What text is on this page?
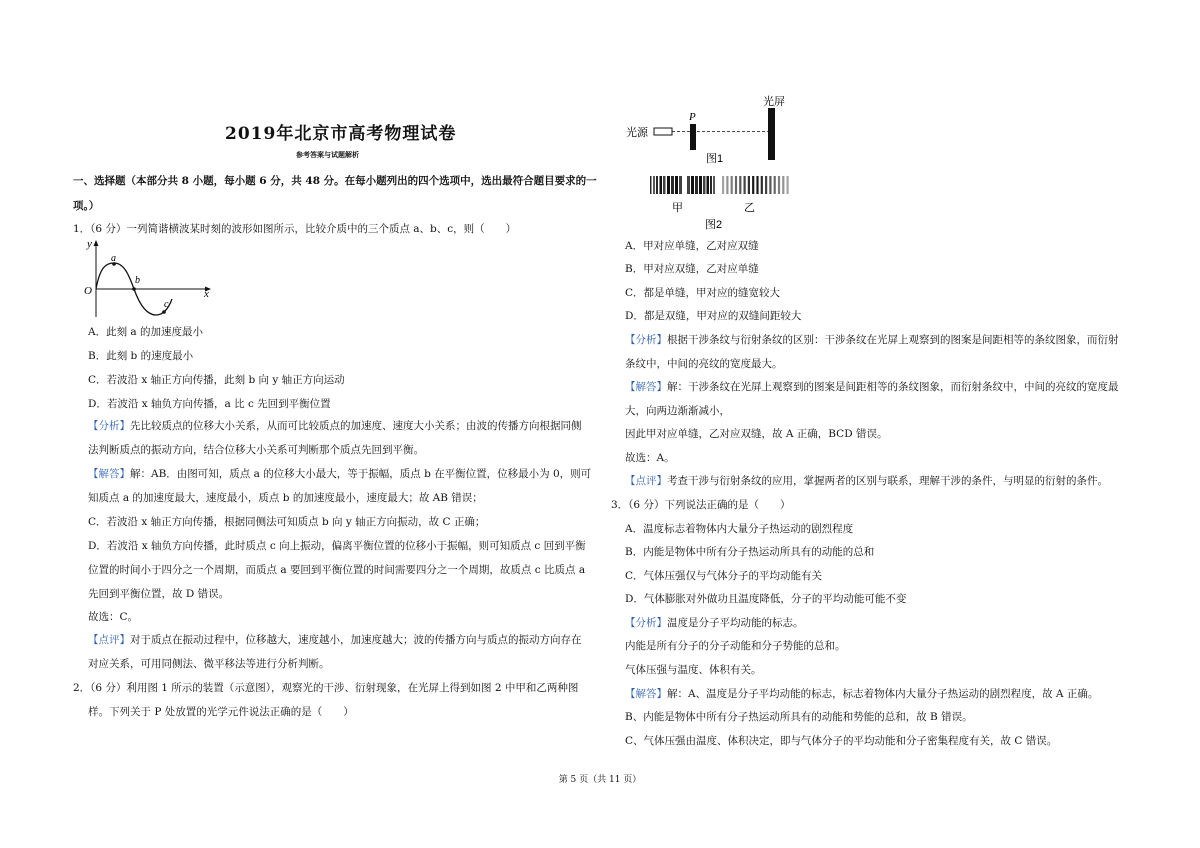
2019年北京市高考物理试卷
参考答案与试题解析
一、选择题（本部分共 8 小题，每小题 6 分，共 48 分。在每小题列出的四个选项中，选出最符合题目要求的一
项。）
1．（6 分）一列简谐横波某时刻的波形如图所示，比较介质中的三个质点 a、b、c，则（　　）
y
O	x
a
b
c
A．此刻 a 的加速度最小
B．此刻 b 的速度最小
C．若波沿 x 轴正方向传播，此刻 b 向 y 轴正方向运动
D．若波沿 x 轴负方向传播，a 比 c 先回到平衡位置
【分析】先比较质点的位移大小关系，从而可比较质点的加速度、速度大小关系；由波的传播方向根据同侧
法判断质点的振动方向，结合位移大小关系可判断那个质点先回到平衡。
【解答】解：AB．由图可知，质点 a 的位移大小最大，等于振幅，质点 b 在平衡位置，位移最小为 0，则可
知质点 a 的加速度最大，速度最小，质点 b 的加速度最小，速度最大；故 AB 错误；
C．若波沿 x 轴正方向传播，根据同侧法可知质点 b 向 y 轴正方向振动，故 C 正确；
D．若波沿 x 轴负方向传播，此时质点 c 向上振动，偏离平衡位置的位移小于振幅，则可知质点 c 回到平衡
位置的时间小于四分之一个周期，而质点 a 要回到平衡位置的时间需要四分之一个周期，故质点 c 比质点 a
先回到平衡位置，故 D 错误。
故选：C。
【点评】对于质点在振动过程中，位移越大，速度越小，加速度越大；波的传播方向与质点的振动方向存在
对应关系，可用同侧法、微平移法等进行分析判断。
2．（6 分）利用图 1 所示的装置（示意图），观察光的干涉、衍射现象，在光屏上得到如图 2 中甲和乙两种图
样。下列关于 P 处放置的光学元件说法正确的是（　　）
光源
P
光屏
图1
甲	乙
图2
A．甲对应单缝，乙对应双缝
B．甲对应双缝，乙对应单缝
C．都是单缝，甲对应的缝宽较大
D．都是双缝，甲对应的双缝间距较大
【分析】根据干涉条纹与衍射条纹的区别：干涉条纹在光屏上观察到的图案是间距相等的条纹图象，而衍射
条纹中，中间的亮纹的宽度最大。
【解答】解：干涉条纹在光屏上观察到的图案是间距相等的条纹图象，而衍射条纹中，中间的亮纹的宽度最
大，向两边渐渐减小，
因此甲对应单缝，乙对应双缝，故 A 正确，BCD 错误。
故选：A。
【点评】考查干涉与衍射条纹的应用，掌握两者的区别与联系，理解干涉的条件，与明显的衍射的条件。
3．（6 分）下列说法正确的是（　　）
A．温度标志着物体内大量分子热运动的剧烈程度
B．内能是物体中所有分子热运动所具有的动能的总和
C．气体压强仅与气体分子的平均动能有关
D．气体膨胀对外做功且温度降低，分子的平均动能可能不变
【分析】温度是分子平均动能的标志。
内能是所有分子的分子动能和分子势能的总和。
气体压强与温度、体积有关。
【解答】解：A、温度是分子平均动能的标志，标志着物体内大量分子热运动的剧烈程度，故 A 正确。
B、内能是物体中所有分子热运动所具有的动能和势能的总和，故 B 错误。
C、气体压强由温度、体积决定，即与气体分子的平均动能和分子密集程度有关，故 C 错误。
第 5 页（共 11 页）
